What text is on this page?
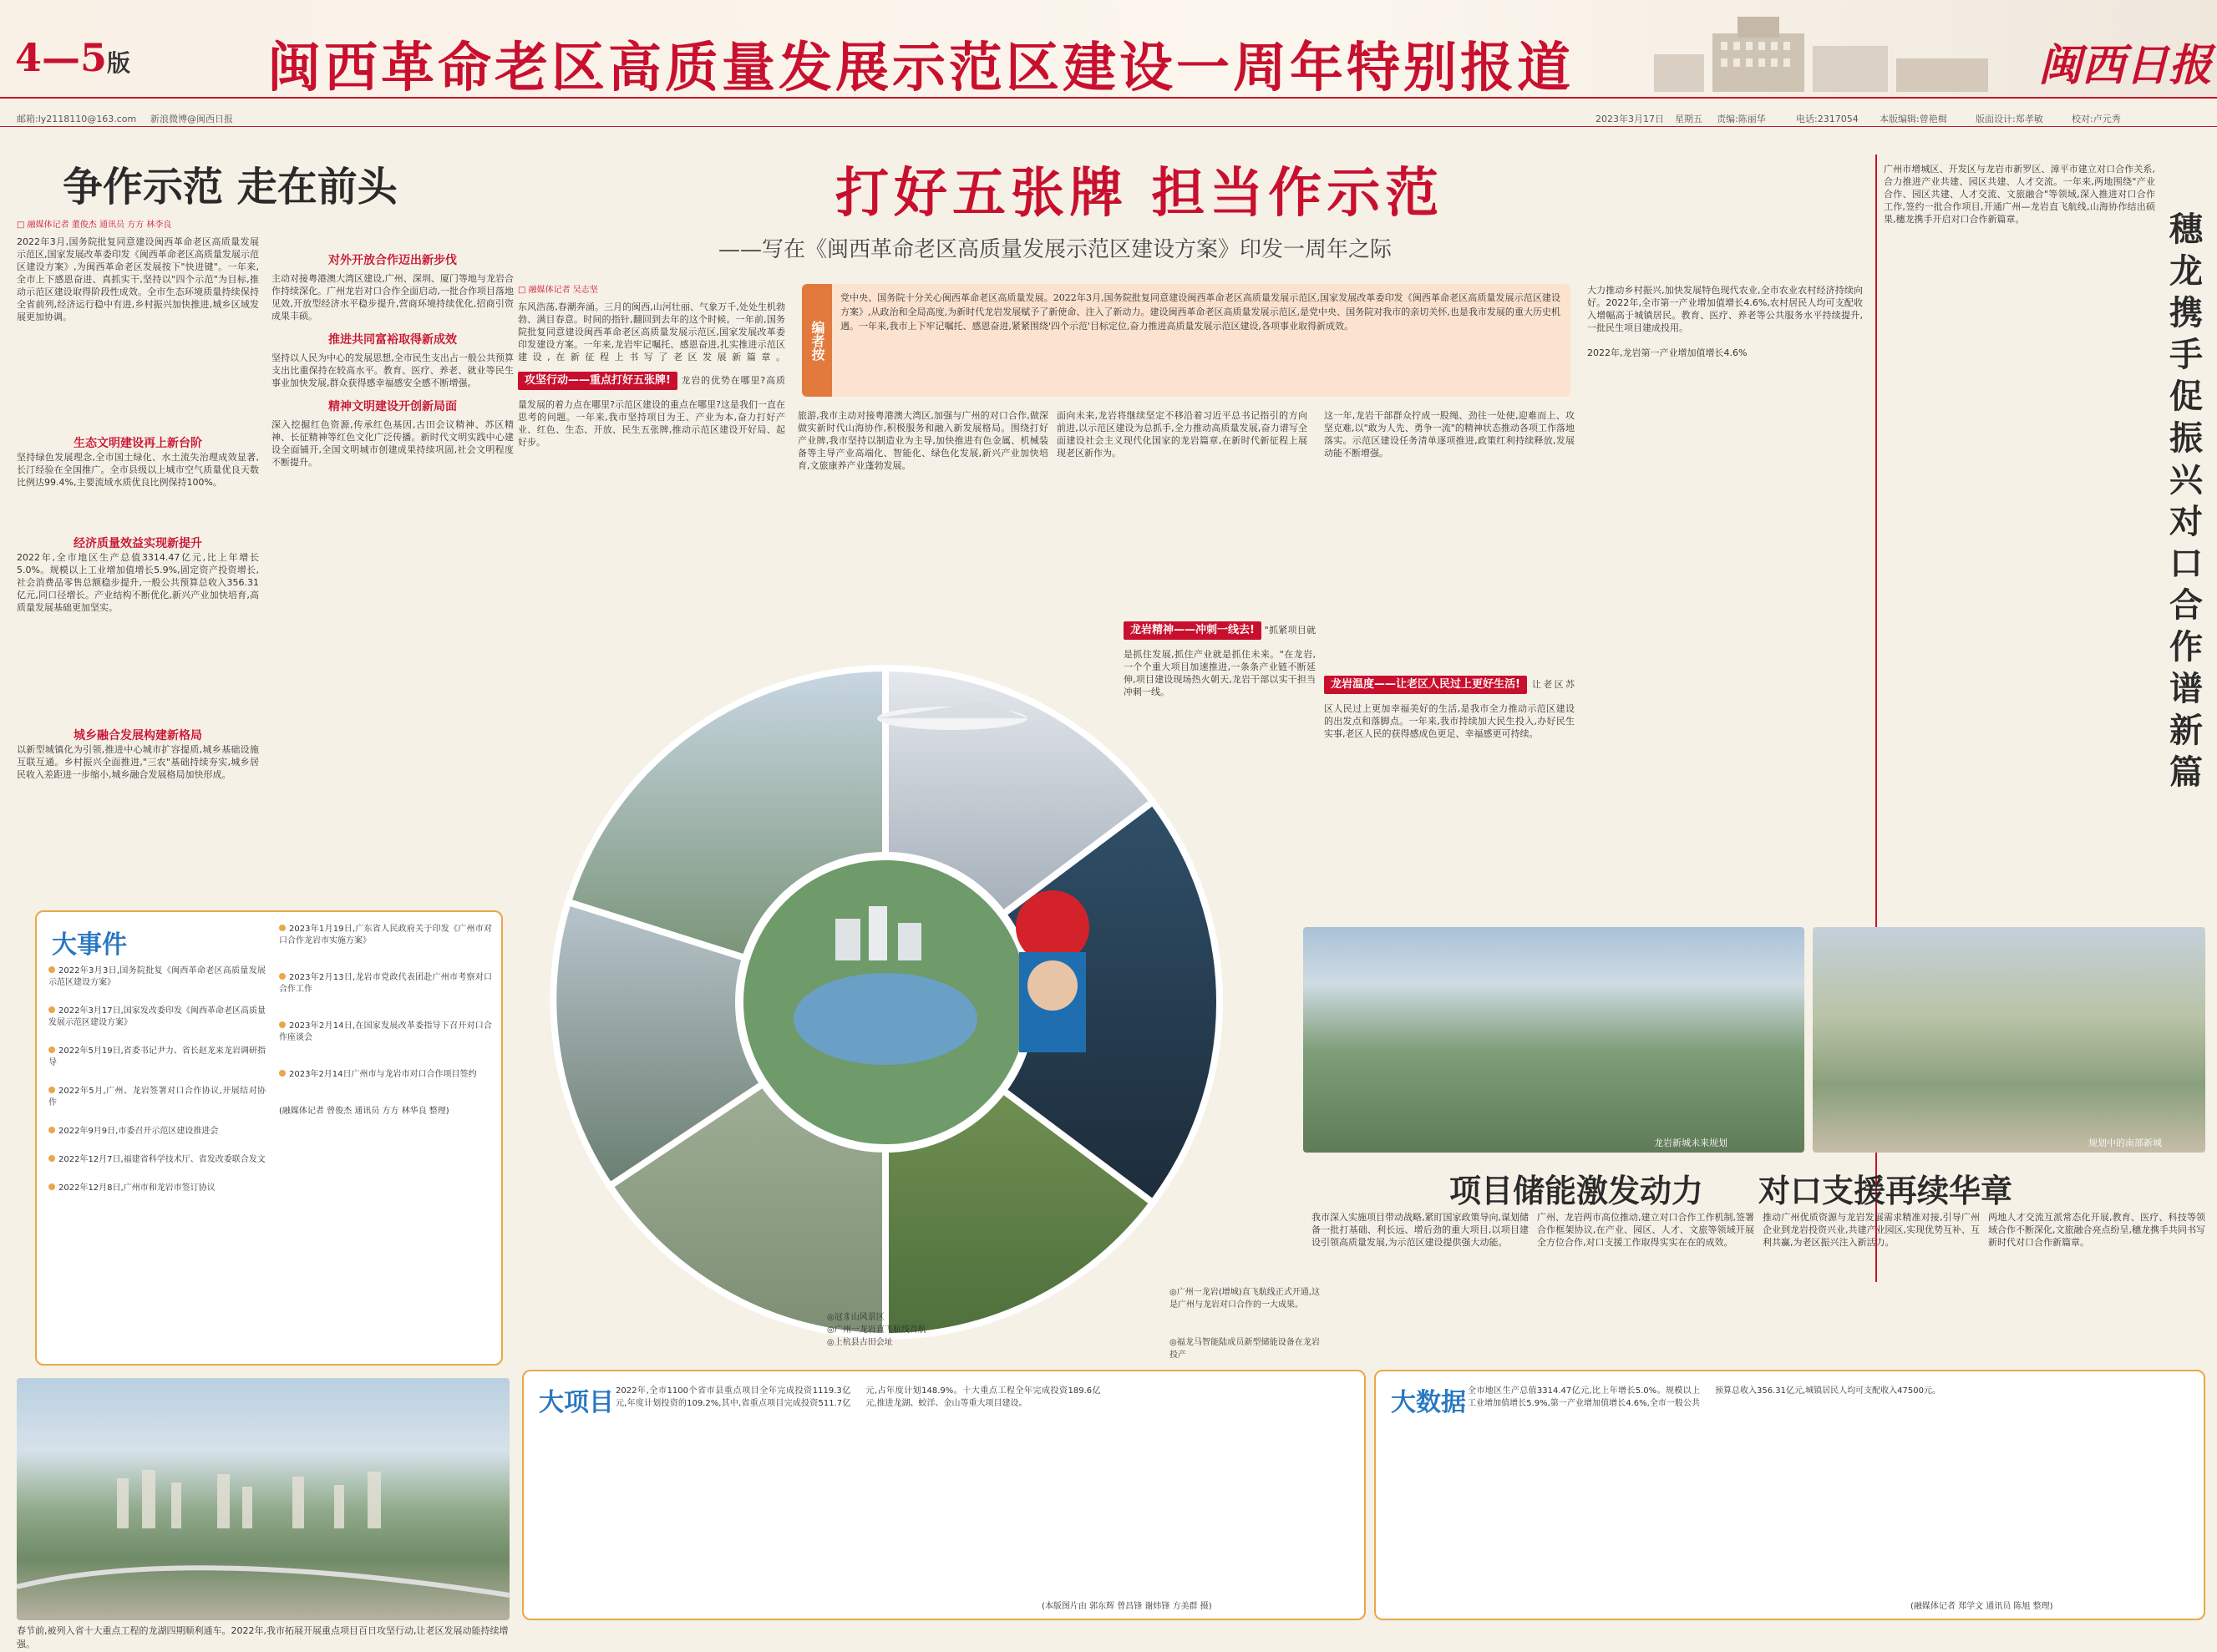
4—5版	闽西革命老区高质量发展示范区建设一周年特别报道	闽西日报
邮箱:ly2118110@163.com 新浪微博@闽西日报	2023年3月17日 星期五 责编:陈丽华	电话:2317054 本版编辑:曾艳楫	版面设计:郑孝敏	校对:卢元秀
争作示范 走在前头
□ 融媒体记者 董俊杰 通讯员 方方 林李良
2022年3月,国务院批复同意建设闽西革命老区高质量发展示范区,国家发展改革委印发《闽西革命老区高质量发展示范区建设方案》,为闽西革命老区发展按下"快进键"。一年来,全市上下感恩奋进、真抓实干,坚持以"四个示范"为目标,推动示范区建设取得阶段性成效。全市生态环境质量持续保持全省前列,经济运行稳中有进,乡村振兴加快推进,城乡区域发展更加协调。
生态文明建设再上新台阶
坚持绿色发展理念,全市国土绿化、水土流失治理成效显著,长汀经验在全国推广。全市县级以上城市空气质量优良天数比例达99.4%,主要流域水质优良比例保持100%。
经济质量效益实现新提升
2022年,全市地区生产总值3314.47亿元,比上年增长5.0%。规模以上工业增加值增长5.9%,固定资产投资增长,社会消费品零售总额稳步提升,一般公共预算总收入356.31亿元,同口径增长。产业结构不断优化,新兴产业加快培育,高质量发展基础更加坚实。
城乡融合发展构建新格局
以新型城镇化为引领,推进中心城市扩容提质,城乡基础设施互联互通。乡村振兴全面推进,"三农"基础持续夯实,城乡居民收入差距进一步缩小,城乡融合发展格局加快形成。
对外开放合作迈出新步伐
主动对接粤港澳大湾区建设,广州、深圳、厦门等地与龙岩合作持续深化。广州龙岩对口合作全面启动,一批合作项目落地见效,开放型经济水平稳步提升,营商环境持续优化,招商引资成果丰硕。
推进共同富裕取得新成效
坚持以人民为中心的发展思想,全市民生支出占一般公共预算支出比重保持在较高水平。教育、医疗、养老、就业等民生事业加快发展,群众获得感幸福感安全感不断增强。
精神文明建设开创新局面
深入挖掘红色资源,传承红色基因,古田会议精神、苏区精神、长征精神等红色文化广泛传播。新时代文明实践中心建设全面铺开,全国文明城市创建成果持续巩固,社会文明程度不断提升。
大事件
2022年3月3日,国务院批复《闽西革命老区高质量发展示范区建设方案》
2022年3月17日,国家发改委印发《闽西革命老区高质量发展示范区建设方案》
2022年5月19日,省委书记尹力、省长赵龙来龙岩调研指导
2022年5月,广州、龙岩签署对口合作协议,开展结对协作
2022年9月9日,市委召开示范区建设推进会
2022年12月7日,福建省科学技术厅、省发改委联合发文
2022年12月8日,广州市和龙岩市签订协议
2023年1月19日,广东省人民政府关于印发《广州市对口合作龙岩市实施方案》
2023年2月13日,龙岩市党政代表团赴广州市考察对口合作工作
2023年2月14日,在国家发展改革委指导下召开对口合作座谈会
2023年2月14日广州市与龙岩市对口合作项目签约
(融媒体记者 曾俊杰 通讯员 方方 林华良 整理)
春节前,被列入省十大重点工程的龙湖四期顺利通车。2022年,我市拓展开展重点项目百日攻坚行动,让老区发展动能持续增强。
打好五张牌 担当作示范
——写在《闽西革命老区高质量发展示范区建设方案》印发一周年之际
编者按
党中央、国务院十分关心闽西革命老区高质量发展。2022年3月,国务院批复同意建设闽西革命老区高质量发展示范区,国家发展改革委印发《闽西革命老区高质量发展示范区建设方案》,从政治和全局高度,为新时代龙岩发展赋予了新使命、注入了新动力。建设闽西革命老区高质量发展示范区,是党中央、国务院对我市的亲切关怀,也是我市发展的重大历史机遇。一年来,我市上下牢记嘱托、感恩奋进,紧紧围绕'四个示范'目标定位,奋力推进高质量发展示范区建设,各项事业取得新成效。
□ 融媒体记者 吴志坚
东风浩荡,春潮奔涌。三月的闽西,山河壮丽、气象万千,处处生机勃勃、满目春意。时间的指针,翻回到去年的这个时候。一年前,国务院批复同意建设闽西革命老区高质量发展示范区,国家发展改革委印发建设方案。一年来,龙岩牢记嘱托、感恩奋进,扎实推进示范区建设,在新征程上书写了老区发展新篇章。 攻坚行动——重点打好五张牌! 龙岩的优势在哪里?高质量发展的着力点在哪里?示范区建设的重点在哪里?这是我们一直在思考的问题。一年来,我市坚持项目为王、产业为本,奋力打好产业、红色、生态、开放、民生五张牌,推动示范区建设开好局、起好步。
旅游,我市主动对接粤港澳大湾区,加强与广州的对口合作,做深做实新时代山海协作,积极服务和融入新发展格局。围绕打好产业牌,我市坚持以制造业为主导,加快推进有色金属、机械装备等主导产业高端化、智能化、绿色化发展,新兴产业加快培育,文旅康养产业蓬勃发展。
面向未来,龙岩将继续坚定不移沿着习近平总书记指引的方向前进,以示范区建设为总抓手,全力推动高质量发展,奋力谱写全面建设社会主义现代化国家的龙岩篇章,在新时代新征程上展现老区新作为。
◎广州一龙岩(增城)直飞航线正式开通,这是广州与龙岩对口合作的一大成果。
◎福龙马智能陆成员新型储能设备在龙岩投产
◎冠豸山风景区
◎广州一龙岩直飞航线首航
◎上杭县古田会址
龙岩精神——冲刺一线去! "抓紧项目就是抓住发展,抓住产业就是抓住未来。"在龙岩,一个个重大项目加速推进,一条条产业链不断延伸,项目建设现场热火朝天,龙岩干部以实干担当冲刺一线。
这一年,龙岩干部群众拧成一股绳、劲往一处使,迎难而上、攻坚克难,以"敢为人先、勇争一流"的精神状态推动各项工作落地落实。示范区建设任务清单逐项推进,政策红利持续释放,发展动能不断增强。
龙岩温度——让老区人民过上更好生活! 让老区苏区人民过上更加幸福美好的生活,是我市全力推动示范区建设的出发点和落脚点。一年来,我市持续加大民生投入,办好民生实事,老区人民的获得感成色更足、幸福感更可持续。
大力推动乡村振兴,加快发展特色现代农业,全市农业农村经济持续向好。2022年,全市第一产业增加值增长4.6%,农村居民人均可支配收入增幅高于城镇居民。教育、医疗、养老等公共服务水平持续提升,一批民生项目建成投用。

2022年,龙岩第一产业增加值增长4.6%
广州市增城区、开发区与龙岩市新罗区、漳平市建立对口合作关系,合力推进产业共建、园区共建、人才交流。一年来,两地围绕"产业合作、园区共建、人才交流、文旅融合"等领域,深入推进对口合作工作,签约一批合作项目,开通广州—龙岩直飞航线,山海协作结出硕果,穗龙携手开启对口合作新篇章。	穗龙携手促振兴 对口合作谱新篇
龙岩新城未来规划	规划中的南部新城
项目储能激发动力 对口支援再续华章
我市深入实施项目带动战略,紧盯国家政策导向,谋划储备一批打基础、利长远、增后劲的重大项目,以项目建设引领高质量发展,为示范区建设提供强大动能。
广州、龙岩两市高位推动,建立对口合作工作机制,签署合作框架协议,在产业、园区、人才、文旅等领域开展全方位合作,对口支援工作取得实实在在的成效。
推动广州优质资源与龙岩发展需求精准对接,引导广州企业到龙岩投资兴业,共建产业园区,实现优势互补、互利共赢,为老区振兴注入新活力。
两地人才交流互派常态化开展,教育、医疗、科技等领域合作不断深化,文旅融合亮点纷呈,穗龙携手共同书写新时代对口合作新篇章。
大项目 2022年,全市1100个省市县重点项目全年完成投资1119.3亿元,年度计划投资的109.2%,其中,省重点项目完成投资511.7亿元,占年度计划148.9%。十大重点工程全年完成投资189.6亿元,推进龙湖、蛟洋、金山等重大项目建设。
(本版图片由 郭东辉 曾昌锋 谢炜锋 方美群 摄)
大数据 全市地区生产总值3314.47亿元,比上年增长5.0%。规模以上工业增加值增长5.9%,第一产业增加值增长4.6%,全市一般公共预算总收入356.31亿元,城镇居民人均可支配收入47500元。
(融媒体记者 郑学文 通讯员 陈旭 整理)
